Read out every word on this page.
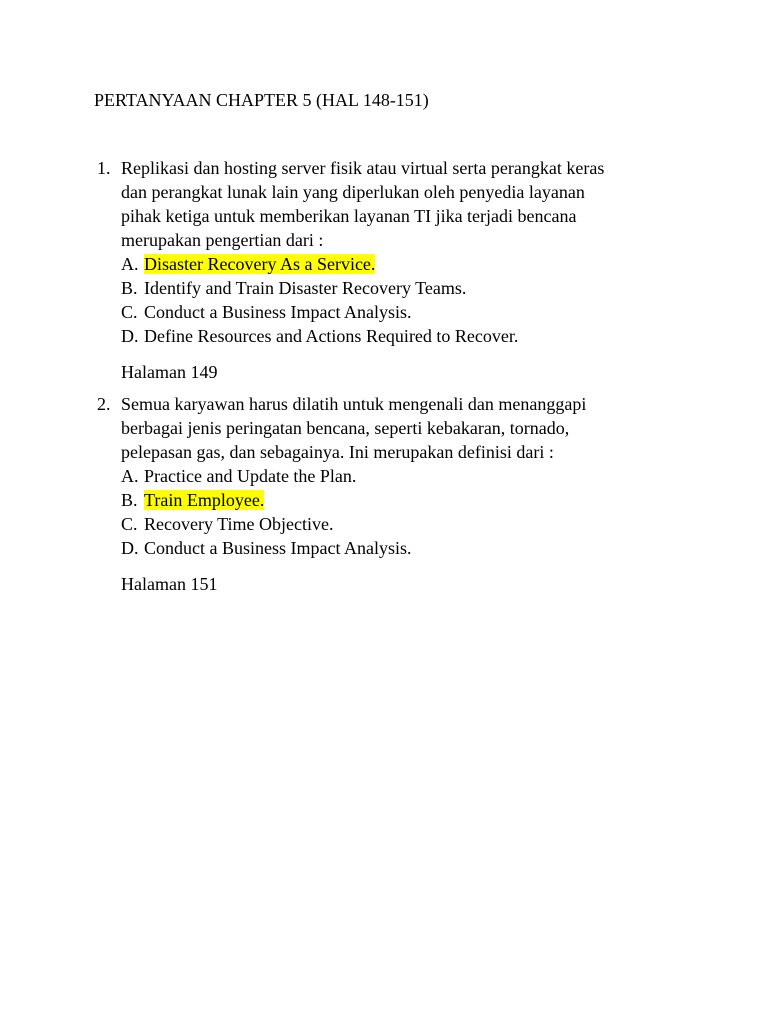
PERTANYAAN CHAPTER 5 (HAL 148-151)
1. Replikasi dan hosting server fisik atau virtual serta perangkat keras
dan perangkat lunak lain yang diperlukan oleh penyedia layanan
pihak ketiga untuk memberikan layanan TI jika terjadi bencana
merupakan pengertian dari :
A. Disaster Recovery As a Service.
B. Identify and Train Disaster Recovery Teams.
C. Conduct a Business Impact Analysis.
D. Define Resources and Actions Required to Recover.
Halaman 149
2. Semua karyawan harus dilatih untuk mengenali dan menanggapi
berbagai jenis peringatan bencana, seperti kebakaran, tornado,
pelepasan gas, dan sebagainya. Ini merupakan definisi dari :
A. Practice and Update the Plan.
B. Train Employee.
C. Recovery Time Objective.
D. Conduct a Business Impact Analysis.
Halaman 151
